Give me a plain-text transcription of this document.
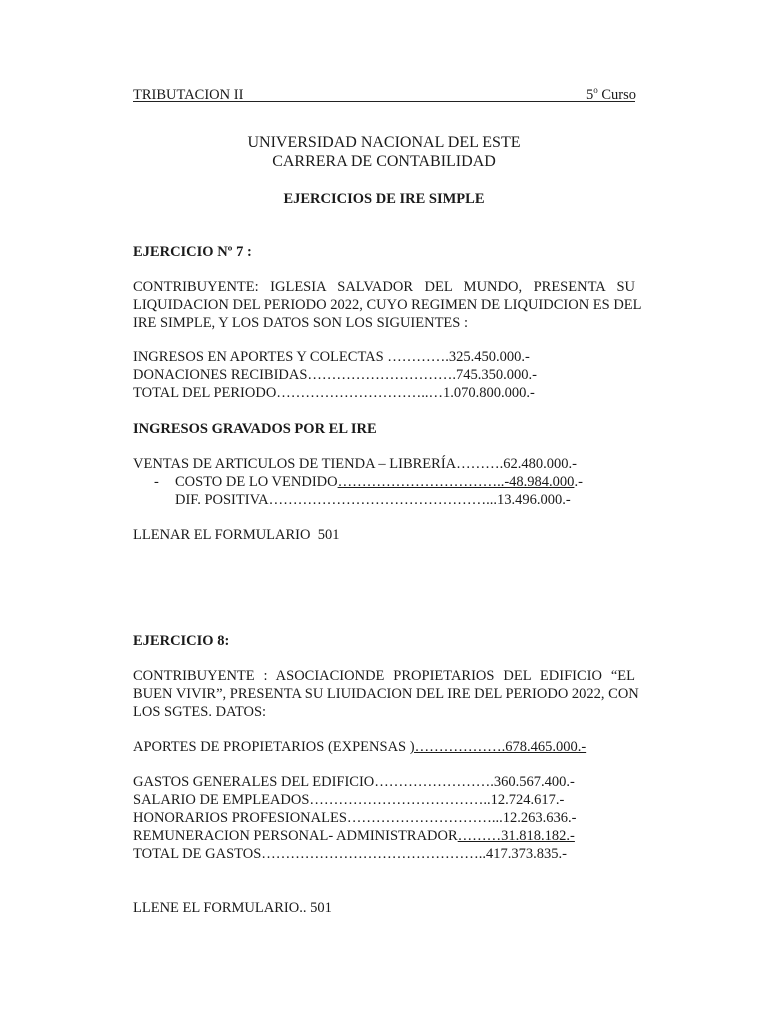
TRIBUTACION II	5$^o$ Curso
UNIVERSIDAD NACIONAL DEL ESTE
CARRERA DE CONTABILIDAD
EJERCICIOS DE IRE SIMPLE
EJERCICIO Nº 7 :
CONTRIBUYENTE: IGLESIA SALVADOR DEL MUNDO, PRESENTA SU
LIQUIDACION DEL PERIODO 2022, CUYO REGIMEN DE LIQUIDCION ES DEL
IRE SIMPLE, Y LOS DATOS SON LOS SIGUIENTES :
INGRESOS EN APORTES Y COLECTAS ………….325.450.000.-
DONACIONES RECIBIDAS………………………….745.350.000.-
TOTAL DEL PERIODO…………………………..…1.070.800.000.-
INGRESOS GRAVADOS POR EL IRE
VENTAS DE ARTICULOS DE TIENDA – LIBRERÍA……….62.480.000.-
- COSTO DE LO VENDIDO……………………………..-48.984.000.-
DIF. POSITIVA………………………………………...13.496.000.-
LLENAR EL FORMULARIO  501
EJERCICIO 8:
CONTRIBUYENTE : ASOCIACIONDE PROPIETARIOS DEL EDIFICIO “EL
BUEN VIVIR”, PRESENTA SU LIUIDACION DEL IRE DEL PERIODO 2022, CON
LOS SGTES. DATOS:
APORTES DE PROPIETARIOS (EXPENSAS )……………….678.465.000.-
GASTOS GENERALES DEL EDIFICIO…………………….360.567.400.-
SALARIO DE EMPLEADOS………………………………..12.724.617.-
HONORARIOS PROFESIONALES…………………………...12.263.636.-
REMUNERACION PERSONAL- ADMINISTRADOR………31.818.182.-
TOTAL DE GASTOS………………………………………..417.373.835.-
LLENE EL FORMULARIO.. 501
